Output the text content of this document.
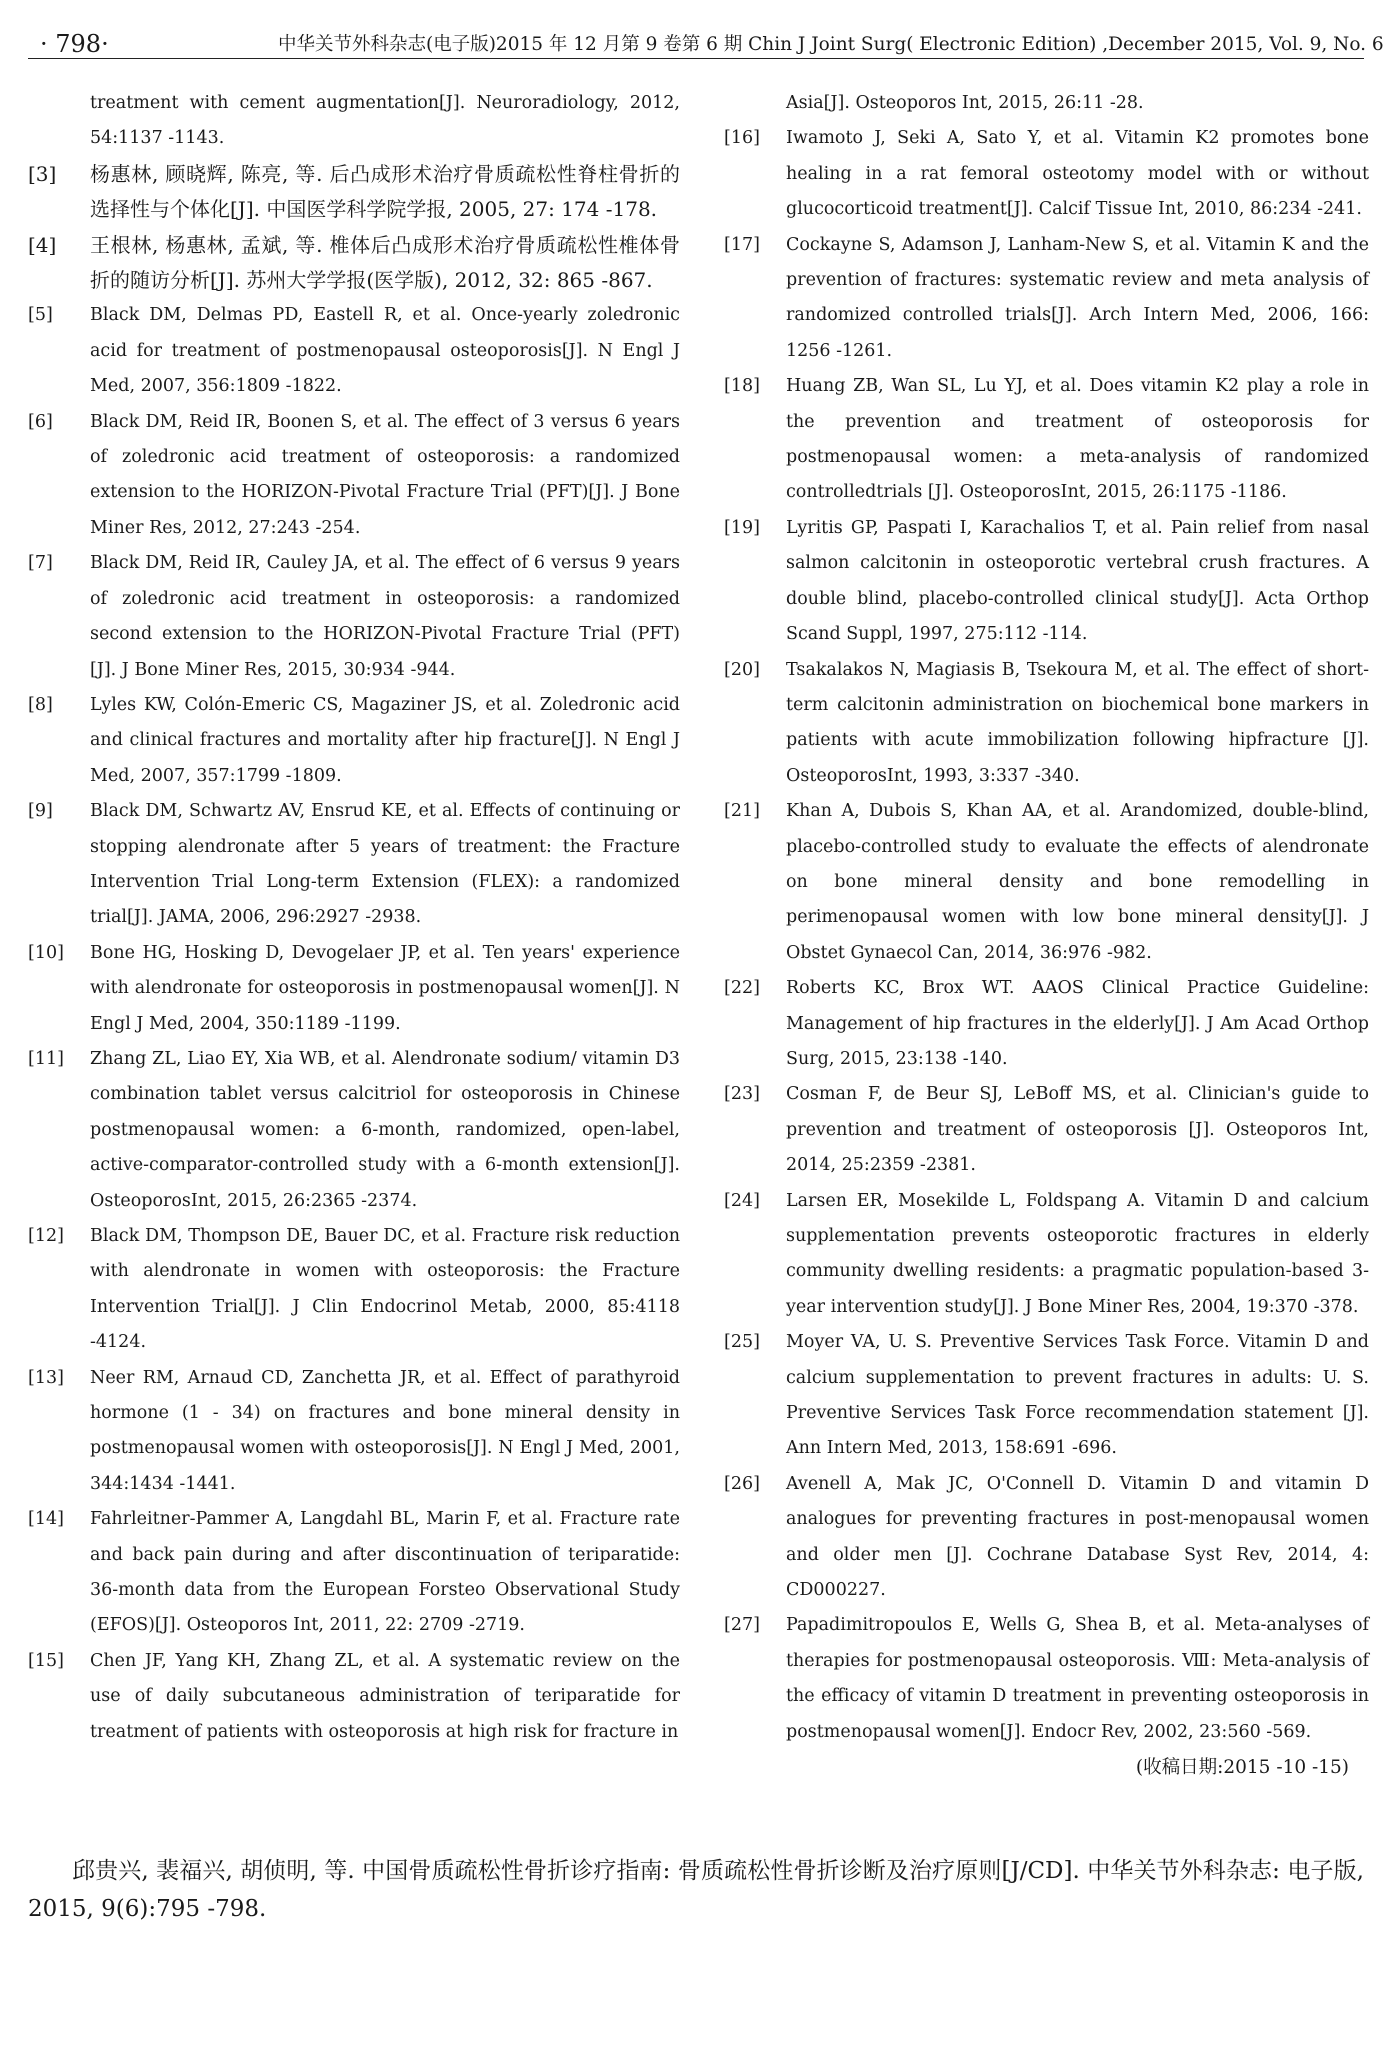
· 798·	中华关节外科杂志(电子版)2015 年 12 月第 9 卷第 6 期 Chin J Joint Surg( Electronic Edition) ,December 2015, Vol. 9, No. 6
treatment with cement augmentation[J]. Neuroradiology, 2012, 54:1137 -1143.
[3] 杨惠林, 顾晓辉, 陈亮, 等. 后凸成形术治疗骨质疏松性脊柱骨折的选择性与个体化[J]. 中国医学科学院学报, 2005, 27: 174 -178.
[4] 王根林, 杨惠林, 孟斌, 等. 椎体后凸成形术治疗骨质疏松性椎体骨折的随访分析[J]. 苏州大学学报(医学版), 2012, 32: 865 -867.
[5] Black DM, Delmas PD, Eastell R, et al. Once-yearly zoledronic acid for treatment of postmenopausal osteoporosis[J]. N Engl J Med, 2007, 356:1809 -1822.
[6] Black DM, Reid IR, Boonen S, et al. The effect of 3 versus 6 years of zoledronic acid treatment of osteoporosis: a randomized extension to the HORIZON-Pivotal Fracture Trial (PFT)[J]. J Bone Miner Res, 2012, 27:243 -254.
[7] Black DM, Reid IR, Cauley JA, et al. The effect of 6 versus 9 years of zoledronic acid treatment in osteoporosis: a randomized second extension to the HORIZON-Pivotal Fracture Trial (PFT) [J]. J Bone Miner Res, 2015, 30:934 -944.
[8] Lyles KW, Colón-Emeric CS, Magaziner JS, et al. Zoledronic acid and clinical fractures and mortality after hip fracture[J]. N Engl J Med, 2007, 357:1799 -1809.
[9] Black DM, Schwartz AV, Ensrud KE, et al. Effects of continuing or stopping alendronate after 5 years of treatment: the Fracture Intervention Trial Long-term Extension (FLEX): a randomized trial[J]. JAMA, 2006, 296:2927 -2938.
[10] Bone HG, Hosking D, Devogelaer JP, et al. Ten years' experience with alendronate for osteoporosis in postmenopausal women[J]. N Engl J Med, 2004, 350:1189 -1199.
[11] Zhang ZL, Liao EY, Xia WB, et al. Alendronate sodium/ vitamin D3 combination tablet versus calcitriol for osteoporosis in Chinese postmenopausal women: a 6-month, randomized, open-label, active-comparator-controlled study with a 6-month extension[J]. OsteoporosInt, 2015, 26:2365 -2374.
[12] Black DM, Thompson DE, Bauer DC, et al. Fracture risk reduction with alendronate in women with osteoporosis: the Fracture Intervention Trial[J]. J Clin Endocrinol Metab, 2000, 85:4118 -4124.
[13] Neer RM, Arnaud CD, Zanchetta JR, et al. Effect of parathyroid hormone (1 - 34) on fractures and bone mineral density in postmenopausal women with osteoporosis[J]. N Engl J Med, 2001, 344:1434 -1441.
[14] Fahrleitner-Pammer A, Langdahl BL, Marin F, et al. Fracture rate and back pain during and after discontinuation of teriparatide: 36-month data from the European Forsteo Observational Study (EFOS)[J]. Osteoporos Int, 2011, 22: 2709 -2719.
[15] Chen JF, Yang KH, Zhang ZL, et al. A systematic review on the use of daily subcutaneous administration of teriparatide for treatment of patients with osteoporosis at high risk for fracture in
Asia[J]. Osteoporos Int, 2015, 26:11 -28.
[16] Iwamoto J, Seki A, Sato Y, et al. Vitamin K2 promotes bone healing in a rat femoral osteotomy model with or without glucocorticoid treatment[J]. Calcif Tissue Int, 2010, 86:234 -241.
[17] Cockayne S, Adamson J, Lanham-New S, et al. Vitamin K and the prevention of fractures: systematic review and meta analysis of randomized controlled trials[J]. Arch Intern Med, 2006, 166: 1256 -1261.
[18] Huang ZB, Wan SL, Lu YJ, et al. Does vitamin K2 play a role in the prevention and treatment of osteoporosis for postmenopausal women: a meta-analysis of randomized controlledtrials [J]. OsteoporosInt, 2015, 26:1175 -1186.
[19] Lyritis GP, Paspati I, Karachalios T, et al. Pain relief from nasal salmon calcitonin in osteoporotic vertebral crush fractures. A double blind, placebo-controlled clinical study[J]. Acta Orthop Scand Suppl, 1997, 275:112 -114.
[20] Tsakalakos N, Magiasis B, Tsekoura M, et al. The effect of short-term calcitonin administration on biochemical bone markers in patients with acute immobilization following hipfracture [J]. OsteoporosInt, 1993, 3:337 -340.
[21] Khan A, Dubois S, Khan AA, et al. Arandomized, double-blind, placebo-controlled study to evaluate the effects of alendronate on bone mineral density and bone remodelling in perimenopausal women with low bone mineral density[J]. J Obstet Gynaecol Can, 2014, 36:976 -982.
[22] Roberts KC, Brox WT. AAOS Clinical Practice Guideline: Management of hip fractures in the elderly[J]. J Am Acad Orthop Surg, 2015, 23:138 -140.
[23] Cosman F, de Beur SJ, LeBoff MS, et al. Clinician's guide to prevention and treatment of osteoporosis [J]. Osteoporos Int, 2014, 25:2359 -2381.
[24] Larsen ER, Mosekilde L, Foldspang A. Vitamin D and calcium supplementation prevents osteoporotic fractures in elderly community dwelling residents: a pragmatic population-based 3-year intervention study[J]. J Bone Miner Res, 2004, 19:370 -378.
[25] Moyer VA, U. S. Preventive Services Task Force. Vitamin D and calcium supplementation to prevent fractures in adults: U. S. Preventive Services Task Force recommendation statement [J]. Ann Intern Med, 2013, 158:691 -696.
[26] Avenell A, Mak JC, O'Connell D. Vitamin D and vitamin D analogues for preventing fractures in post-menopausal women and older men [J]. Cochrane Database Syst Rev, 2014, 4: CD000227.
[27] Papadimitropoulos E, Wells G, Shea B, et al. Meta-analyses of therapies for postmenopausal osteoporosis. Ⅷ: Meta-analysis of the efficacy of vitamin D treatment in preventing osteoporosis in postmenopausal women[J]. Endocr Rev, 2002, 23:560 -569.
(收稿日期:2015 -10 -15)
邱贵兴, 裴福兴, 胡侦明, 等. 中国骨质疏松性骨折诊疗指南: 骨质疏松性骨折诊断及治疗原则[J/CD]. 中华关节外科杂志: 电子版, 2015, 9(6):795 -798.
